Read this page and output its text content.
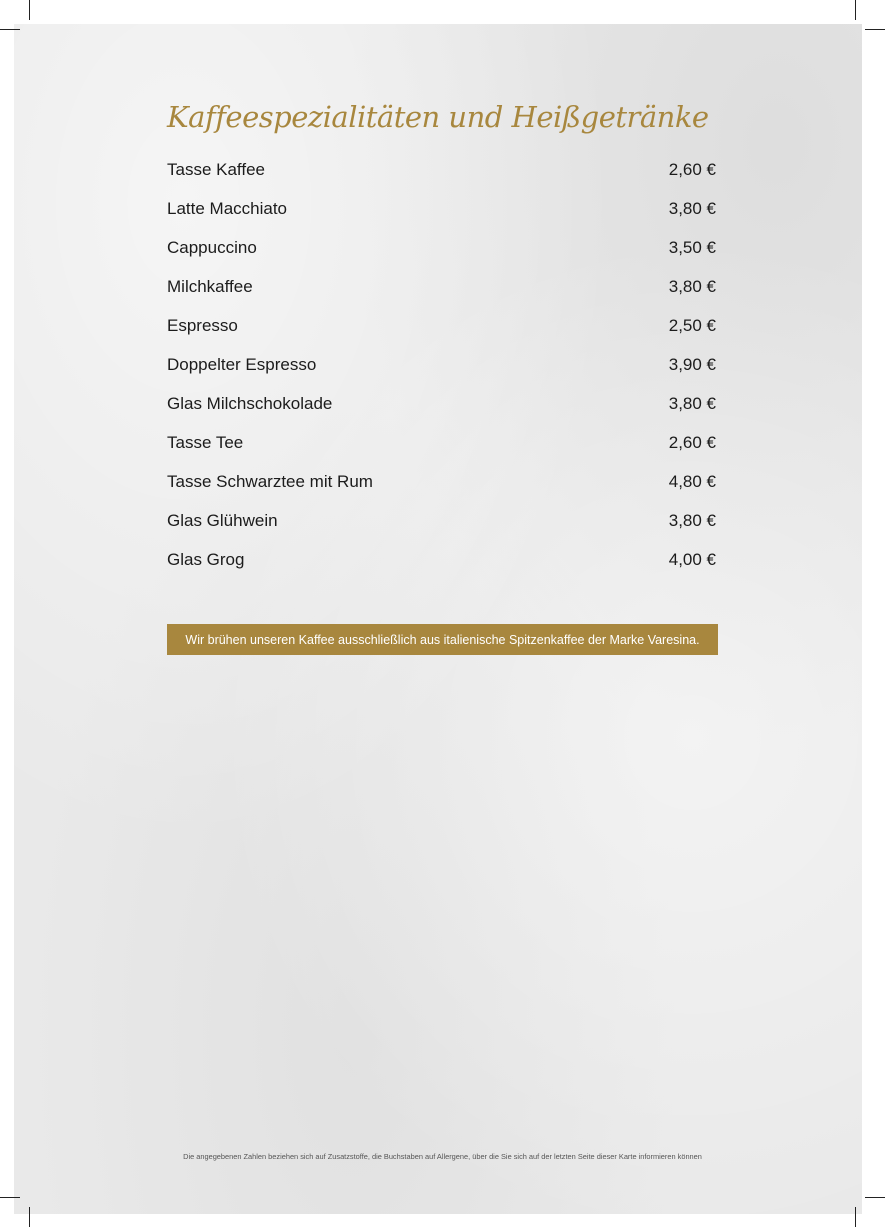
Kaffeespezialitäten und Heißgetränke
Tasse Kaffee	2,60 €
Latte Macchiato	3,80 €
Cappuccino	3,50 €
Milchkaffee	3,80 €
Espresso	2,50 €
Doppelter Espresso	3,90 €
Glas Milchschokolade	3,80 €
Tasse Tee	2,60 €
Tasse Schwarztee mit Rum	4,80 €
Glas Glühwein	3,80 €
Glas Grog	4,00 €
Wir brühen unseren Kaffee ausschließlich aus italienische Spitzenkaffee der Marke Varesina.
Die angegebenen Zahlen beziehen sich auf Zusatzstoffe, die Buchstaben auf Allergene, über die Sie sich auf der letzten Seite dieser Karte informieren können
